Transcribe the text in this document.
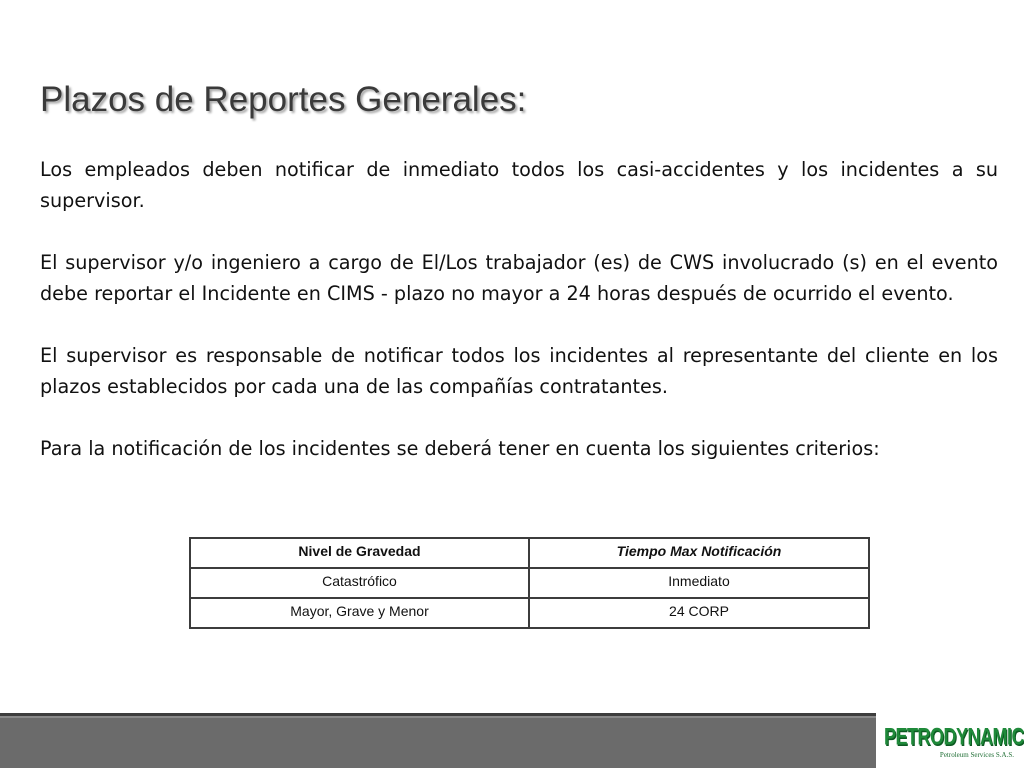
Plazos de Reportes Generales:

Los empleados deben notificar de inmediato todos los casi-accidentes y los incidentes a su supervisor.

El supervisor y/o ingeniero a cargo de El/Los trabajador (es) de CWS involucrado (s) en el evento debe reportar el Incidente en CIMS - plazo no mayor a 24 horas después de ocurrido el evento.

El supervisor es responsable de notificar todos los incidentes al representante del cliente en los plazos establecidos por cada una de las compañías contratantes.

Para la notificación de los incidentes se deberá tener en cuenta los siguientes criterios:

Nivel de Gravedad	Tiempo Max Notificación
Catastrófico	Inmediato
Mayor, Grave y Menor	24 CORP
PETRODYNAMIC
Petroleum Services S.A.S.
